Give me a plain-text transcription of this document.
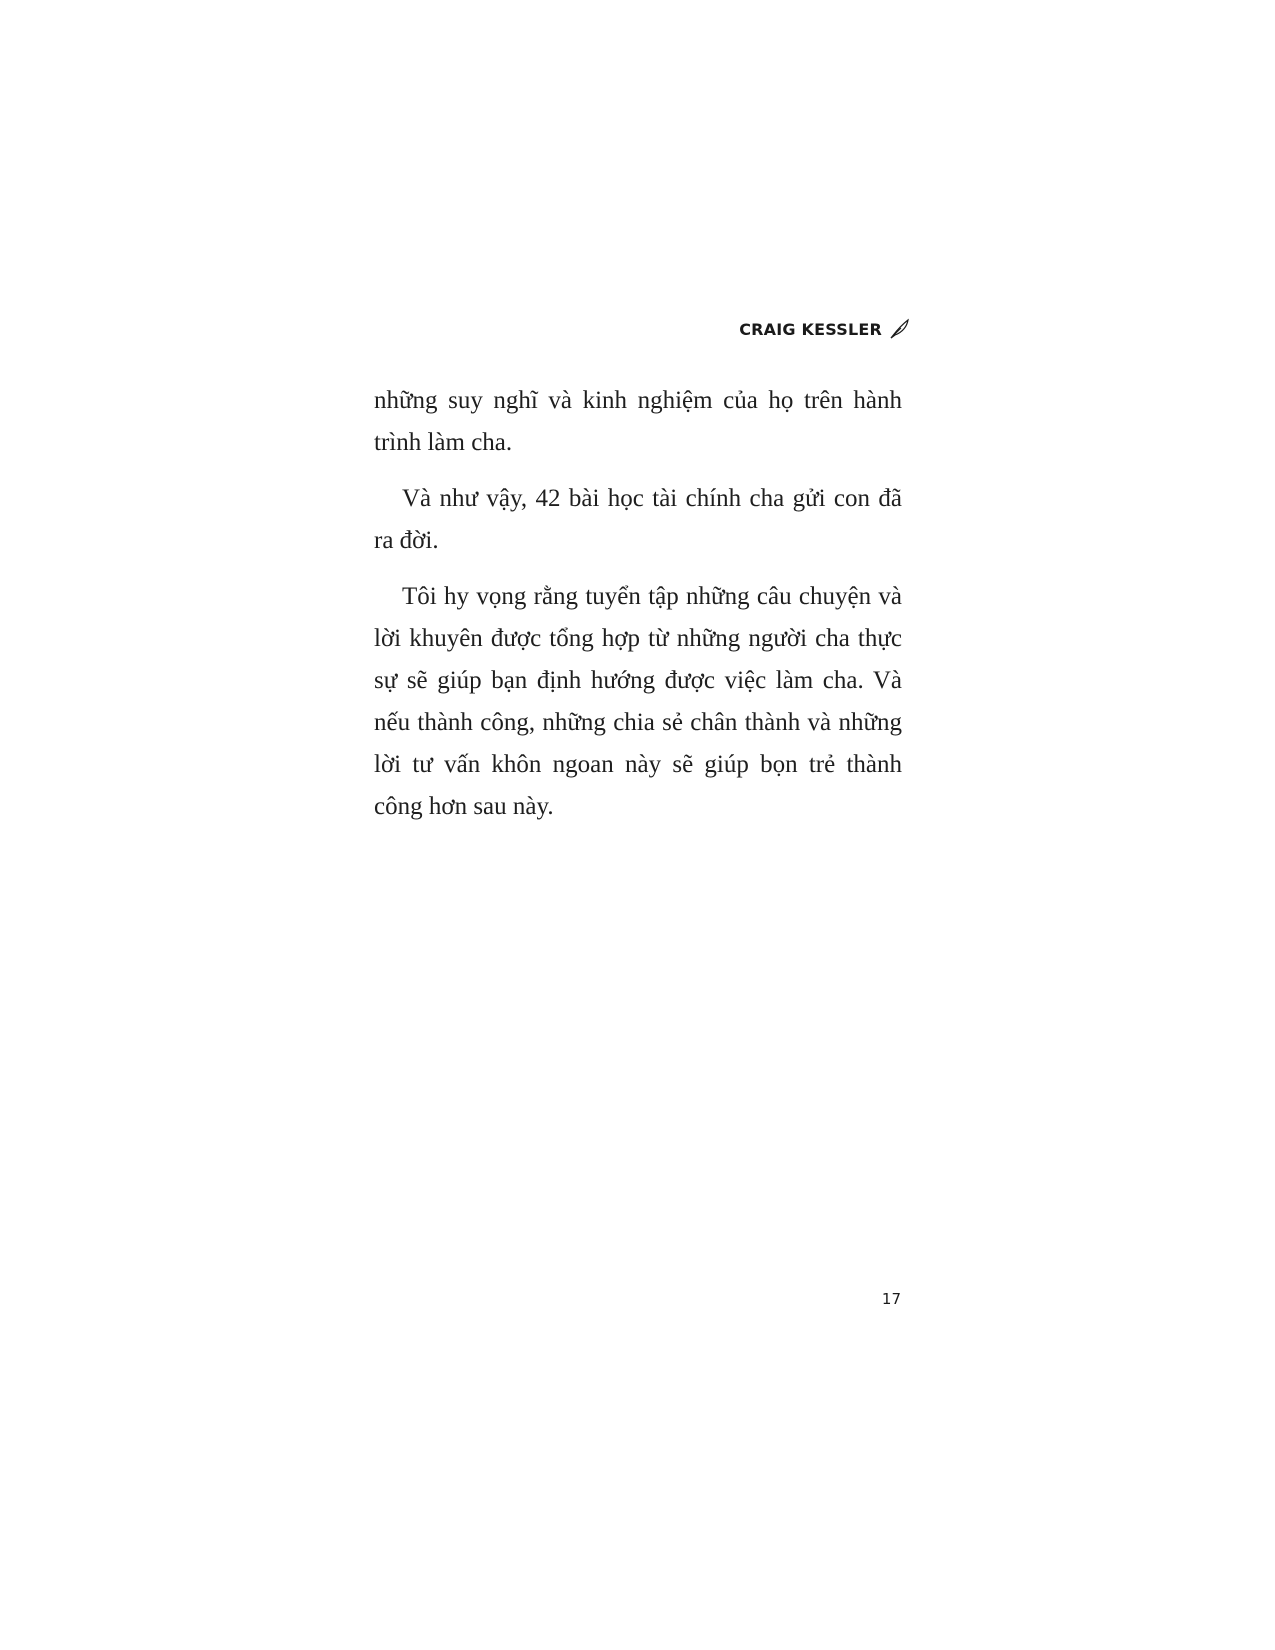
CRAIG KESSLER

những suy nghĩ và kinh nghiệm của họ trên hành trình làm cha.

Và như vậy, 42 bài học tài chính cha gửi con đã ra đời.

Tôi hy vọng rằng tuyển tập những câu chuyện và lời khuyên được tổng hợp từ những người cha thực sự sẽ giúp bạn định hướng được việc làm cha. Và nếu thành công, những chia sẻ chân thành và những lời tư vấn khôn ngoan này sẽ giúp bọn trẻ thành công hơn sau này.

17
